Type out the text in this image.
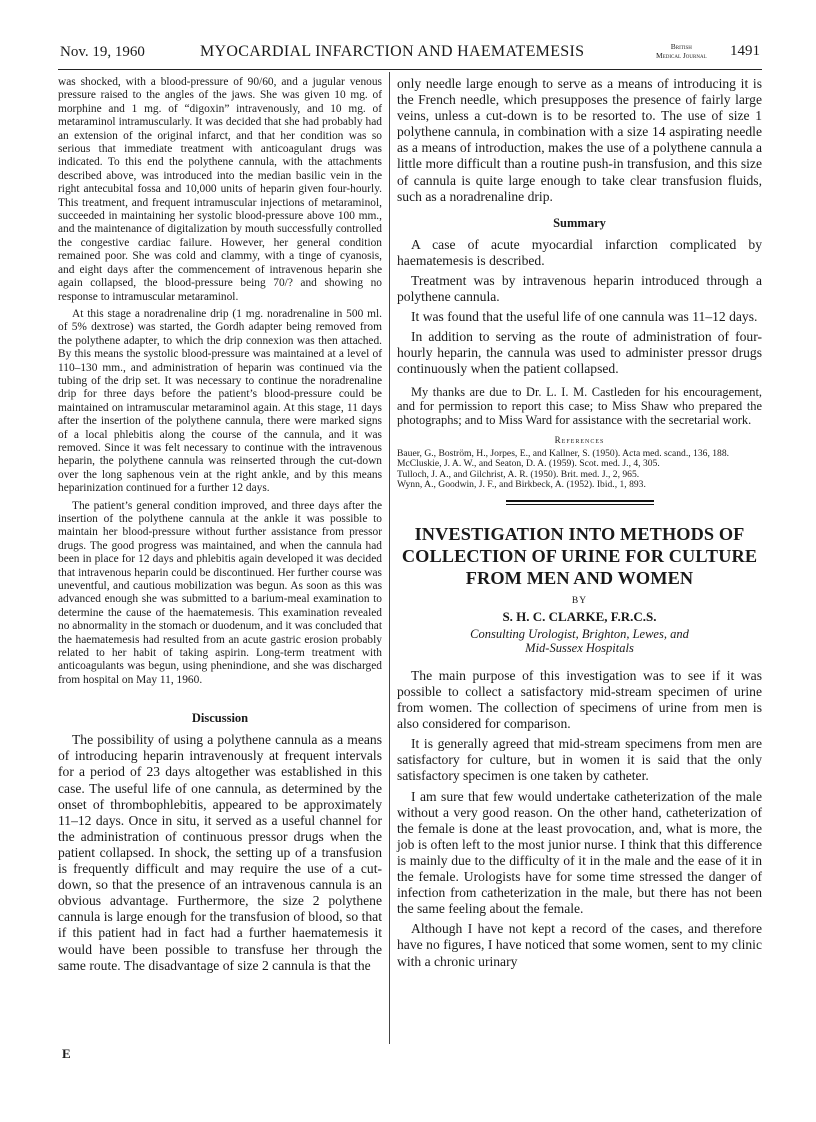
Nov. 19, 1960	MYOCARDIAL INFARCTION AND HAEMATEMESIS	British
Medical Journal 1491

was shocked, with a blood-pressure of 90/60, and a jugular venous pressure raised to the angles of the jaws. She was given 10 mg. of morphine and 1 mg. of “digoxin” intravenously, and 10 mg. of metaraminol intramuscularly. It was decided that she had probably had an extension of the original infarct, and that her condition was so serious that immediate treatment with anticoagulant drugs was indicated. To this end the polythene cannula, with the attachments described above, was introduced into the median basilic vein in the right antecubital fossa and 10,000 units of heparin given four-hourly. This treatment, and frequent intramuscular injections of metaraminol, succeeded in maintaining her systolic blood-pressure above 100 mm., and the maintenance of digitalization by mouth successfully controlled the congestive cardiac failure. However, her general condition remained poor. She was cold and clammy, with a tinge of cyanosis, and eight days after the commencement of intravenous heparin she again collapsed, the blood-pressure being 70/? and showing no response to intramuscular metaraminol.

At this stage a noradrenaline drip (1 mg. noradrenaline in 500 ml. of 5% dextrose) was started, the Gordh adapter being removed from the polythene adapter, to which the drip connexion was then attached. By this means the systolic blood-pressure was maintained at a level of 110–130 mm., and administration of heparin was continued via the tubing of the drip set. It was necessary to continue the noradrenaline drip for three days before the patient’s blood-pressure could be maintained on intramuscular metaraminol again. At this stage, 11 days after the insertion of the polythene cannula, there were marked signs of a local phlebitis along the course of the cannula, and it was removed. Since it was felt necessary to continue with the intravenous heparin, the polythene cannula was reinserted through the cut-down over the long saphenous vein at the right ankle, and by this means heparinization continued for a further 12 days.

The patient’s general condition improved, and three days after the insertion of the polythene cannula at the ankle it was possible to maintain her blood-pressure without further assistance from pressor drugs. The good progress was maintained, and when the cannula had been in place for 12 days and phlebitis again developed it was decided that intravenous heparin could be discontinued. Her further course was uneventful, and cautious mobilization was begun. As soon as this was advanced enough she was submitted to a barium-meal examination to determine the cause of the haematemesis. This examination revealed no abnormality in the stomach or duodenum, and it was concluded that the haematemesis had resulted from an acute gastric erosion probably related to her habit of taking aspirin. Long-term treatment with anticoagulants was begun, using phenindione, and she was discharged from hospital on May 11, 1960.

Discussion

The possibility of using a polythene cannula as a means of introducing heparin intravenously at frequent intervals for a period of 23 days altogether was established in this case. The useful life of one cannula, as determined by the onset of thrombophlebitis, appeared to be approximately 11–12 days. Once in situ, it served as a useful channel for the administration of continuous pressor drugs when the patient collapsed. In shock, the setting up of a transfusion is frequently difficult and may require the use of a cut-down, so that the presence of an intravenous cannula is an obvious advantage. Furthermore, the size 2 polythene cannula is large enough for the transfusion of blood, so that if this patient had in fact had a further haematemesis it would have been possible to transfuse her through the same route. The disadvantage of size 2 cannula is that the

only needle large enough to serve as a means of introducing it is the French needle, which presupposes the presence of fairly large veins, unless a cut-down is to be resorted to. The use of size 1 polythene cannula, in combination with a size 14 aspirating needle as a means of introduction, makes the use of a polythene cannula a little more difficult than a routine push-in transfusion, and this size of cannula is quite large enough to take clear transfusion fluids, such as a noradrenaline drip.

Summary

A case of acute myocardial infarction complicated by haematemesis is described.

Treatment was by intravenous heparin introduced through a polythene cannula.

It was found that the useful life of one cannula was 11–12 days.

In addition to serving as the route of administration of four-hourly heparin, the cannula was used to administer pressor drugs continuously when the patient collapsed.

My thanks are due to Dr. L. I. M. Castleden for his encouragement, and for permission to report this case; to Miss Shaw who prepared the photographs; and to Miss Ward for assistance with the secretarial work.

References

Bauer, G., Boström, H., Jorpes, E., and Kallner, S. (1950). Acta med. scand., 136, 188.

McCluskie, J. A. W., and Seaton, D. A. (1959). Scot. med. J., 4, 305.

Tulloch, J. A., and Gilchrist, A. R. (1950). Brit. med. J., 2, 965.

Wynn, A., Goodwin, J. F., and Birkbeck, A. (1952). Ibid., 1, 893.

INVESTIGATION INTO METHODS OF
COLLECTION OF URINE FOR CULTURE
FROM MEN AND WOMEN
BY
S. H. C. CLARKE, F.R.C.S.
Consulting Urologist, Brighton, Lewes, and
Mid-Sussex Hospitals

The main purpose of this investigation was to see if it was possible to collect a satisfactory mid-stream specimen of urine from women. The collection of specimens of urine from men is also considered for comparison.

It is generally agreed that mid-stream specimens from men are satisfactory for culture, but in women it is said that the only satisfactory specimen is one taken by catheter.

I am sure that few would undertake catheterization of the male without a very good reason. On the other hand, catheterization of the female is done at the least provocation, and, what is more, the job is often left to the most junior nurse. I think that this difference is mainly due to the difficulty of it in the male and the ease of it in the female. Urologists have for some time stressed the danger of infection from catheterization in the male, but there has not been the same feeling about the female.

Although I have not kept a record of the cases, and therefore have no figures, I have noticed that some women, sent to my clinic with a chronic urinary

E
